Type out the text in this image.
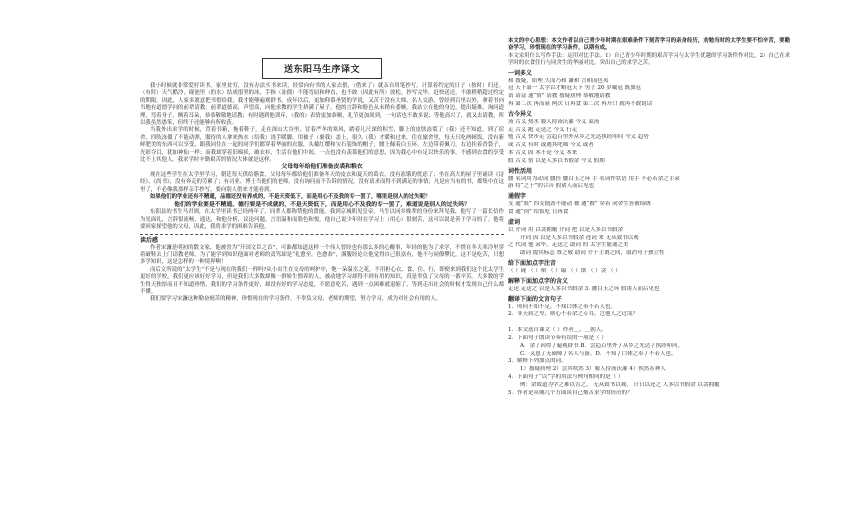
送东阳马生序译文

我小时候就非常爱好读书。家里贫穷，没有办法买书来读，经常向有书的人家去借，（借来了）就亲自用笔抄写，计算着约定的日子（按时）归还。（有时）天气酷冷，砚池里（的水）结成很坚的冰，手指（冻僵）不能弯屈和伸直，也不敢（因此有所）放松。抄写完毕，赶快送还，不敢稍稍超过约定的期限。因此，人家多愿意把书借给我，我才能够遍观群书。成年以后，更加仰慕圣贤的学说，又苦于没有大师、名人交游，曾经到百里以外，拿着书向当地有道德学问的前辈请教。前辈道德高，声望高，向他求教的学生挤满了屋子，他的言辞和脸色从未稍有委婉。我站立在他的身边，提出疑难，询问道理，弯着身子，侧着耳朵，恭恭敬敬地请教；有时遇到他训斥，（我的）表情更加恭顺，礼节更加周到，一句话也不敢多说；等他高兴了，就又去请教。所以我虽然愚笨，但终于还能够有所收获。

当我外出求学的时候，背着书箱，拖着鞋子，走在深山大谷里，冒着严冬的寒风，踏着几尺深的积雪，脚上的皮肤冻裂了（我）还不知道。到了宿舍，四肢冻僵了不能动弹，服侍的人拿来热水（给我）浇手暖脚，用被子（裹我）盖上，很久（我）才暖和过来。住在旅舍里，每天只吃两顿饭，没有新鲜肥美的东西可以享受。跟我同住在一起的同学们都穿着华丽的衣服，头戴红缨和宝石装饰的帽子，腰上佩着白玉环，左边带着佩刀，右边挂着香袋子，光彩夺目，犹如神仙一样；而我却穿着旧棉袄，破衣衫，生活在他们中间，一点也没有羡慕他们的意思，因为我心中有足以快乐的事，不感到衣食的享受比不上其他人。我求学时辛勤艰苦的情况大体就是这样。

父母每年给他们准备皮裘和粮衣

现在这些学生在太学里学习，朝廷每天供给膳食，父母每年都给他们准备冬天的皮衣和夏天的葛衣，没有冻饿的忧虑了；坐在高大的屋子里诵读《诗经》、《尚书》，没有奔走的劳累了；有司业、博士当他们的老师，没有询问而不告诉的情况，没有请求而得不到满足的事情；凡是应当有的书，都集中在这里了，不必像我那样亲手抄写，要向别人借来才能看到。

如果他们的学业还有不精通，品德还没有养成的，不是天资低下，而是用心不及我的专一罢了，哪里是别人的过失呢？

他们的学业要是不精通、德行要是不成就的，不是天资低下，而是用心不及我的专一罢了，难道说是别人的过失吗？

东阳县的书生马君则，在太学里读书已经两年了，同辈人都称赞他的贤能。我到京城朝见皇帝，马生以同乡晚辈的身份来拜见我，他写了一篇长信作为见面礼，言辞很流畅、通达，和他分析、议论问题，言语温和而脸色和悦。他自己说少年时在学习上（用心）很刻苦，这可以说是善于学习的了；他将要回家探望他的父母，因此，我将求学的困难告诉他。

读后感

作者宋濂是明初的散文家，他被誉为“开国文臣之首”，可谁都知道这样一个伟人曾经也有那么多的心酸事，年轻的他为了求学，不惜在冬天寒冷里穿着破鞋去上门请教老师，为了能学到知识他面对老师的责骂却是“礼愈至，色愈恭”，满腹经论让他觉得自己很富有，他不与同僚攀比，这不是吃苦，只想多学知识，这是怎样的一种境界啊！

而后文所说的“太学生”不是与现在的我们一样吗?从小出生在交母的呵护中，饱一朵温室之花，不用担心衣、食、住、行，即便来到我们这个比太学生更好的学校，我们更应该好好学习，但是我们大多数却像一群娇生惯养的人，被动地学习却得不到有用的知识，真是辜负了父母的一番辛苦。大多数的学生得天独厚而且不知道珍惜，我们的学习条件更好，却没有好的学习态度，不愿意吃苦，遇到一点困难就退缩了，等到走出社会的时候才发现自己什么都不懂。

我们要学习宋濂这种勤奋刻苦的精神，珍惜现在的学习条件，不辜负父母、老师的期望，努力学习，成为对社会有用的人。

本文的中心思想：本文作者以自己青少年时期在艰难条件下刻苦学习的亲身经历，劝勉当时的太学生要不怕辛苦，要勤奋学习，珍惜现在的学习条件，以期有成。

本文采用什么写作手法：运用对比手法。1）自己青少年时期的艰苦学习与太学生优越的学习条件作对比，2）自己在求学时的衣食住行与同舍生的华丽对比，突出自己的求学之苦。

一词多义

和 援疑，质理 久而乃和 谦和 言和而色夷

冠 天下第一 太学以才略冠天下 男子 20 岁戴冠 既加冠

请 请益 通“情” 请教 援疑质理 恭敬地请教

再 第二次 再而衰 两次 日再食 第二次 再开口 就再不敢说话

古今异义

汤 古义 热水 媵人持汤沃灌 今义 菜汤

走 古义 跑 走送之 今义 行走

勉 古义 快步走 尝趋百里外从乡之先达执经叩问 今义 趋势

或 古义 有时 或遇其叱咄 今义 或者

本 古义 固 本不是 今义 本来

假 古义 借 以是人多以书假余 今义 假期

词性活用

腰 名词用为动词 腰挂 腰白玉之环 手 名词作状语 用手 不必若余之手录

游 将“之于”的合音 假诸人而后见也

通假字

支 通“肢” 四支僵劲不能动 被 通“披” 穿着 同舍生皆被绮绣

食 通“饲” 给饭吃 日再食

虚词

以 介词 用 以衾拥覆 介词 把 以是人多以书假余

介词 因 以是人多以书假余 连词 来 无从致书以观

之 代词 他 录毕，走送之 助词 的 太学生能诵之美

助词 提宾标志 尊之敬 助词 介于主谓之间，取消句子独立性

给下面加点字注音

（ ）砚 （ ）嗔 （ ）缊 （ ）馔 （ ）衾 （ ）

解释下面加点字的含义

走送 走送之 以是人多以书假余 3. 腰白玉之环 假诸人而后见也

翻译下面的文言句子

1．叩问不知不足，不知口体之奉不若人也。

2．非天质之卑，则心不若余之专耳，岂他人之过哉？

1．本文选自课文（ ）作者＿，＿朝人。

2．下面句子朗读节奏有误的一项是（ ）

A．余 / 因得 / 遍观群书 B．尝趋百里外 / 从乡之先达 / 执经叩问。

C．又患 / 无硕师 / 名人与游。D．不知 / 口体之奉 / 不若人也。

3．解释下列加点的词。

1）援疑质理 2）尝其吹然 3）媵人持汤沃灌 4）俟然若神人

4．下面句子“以”字的用法与例句相同的是（ ）

例：余故道为学之难以告之。 无从致书以观。 计日以还之 人多以书假余 以衾拥覆

5．作者是从哪几个方面谈自己刻苦求学的经历的？
